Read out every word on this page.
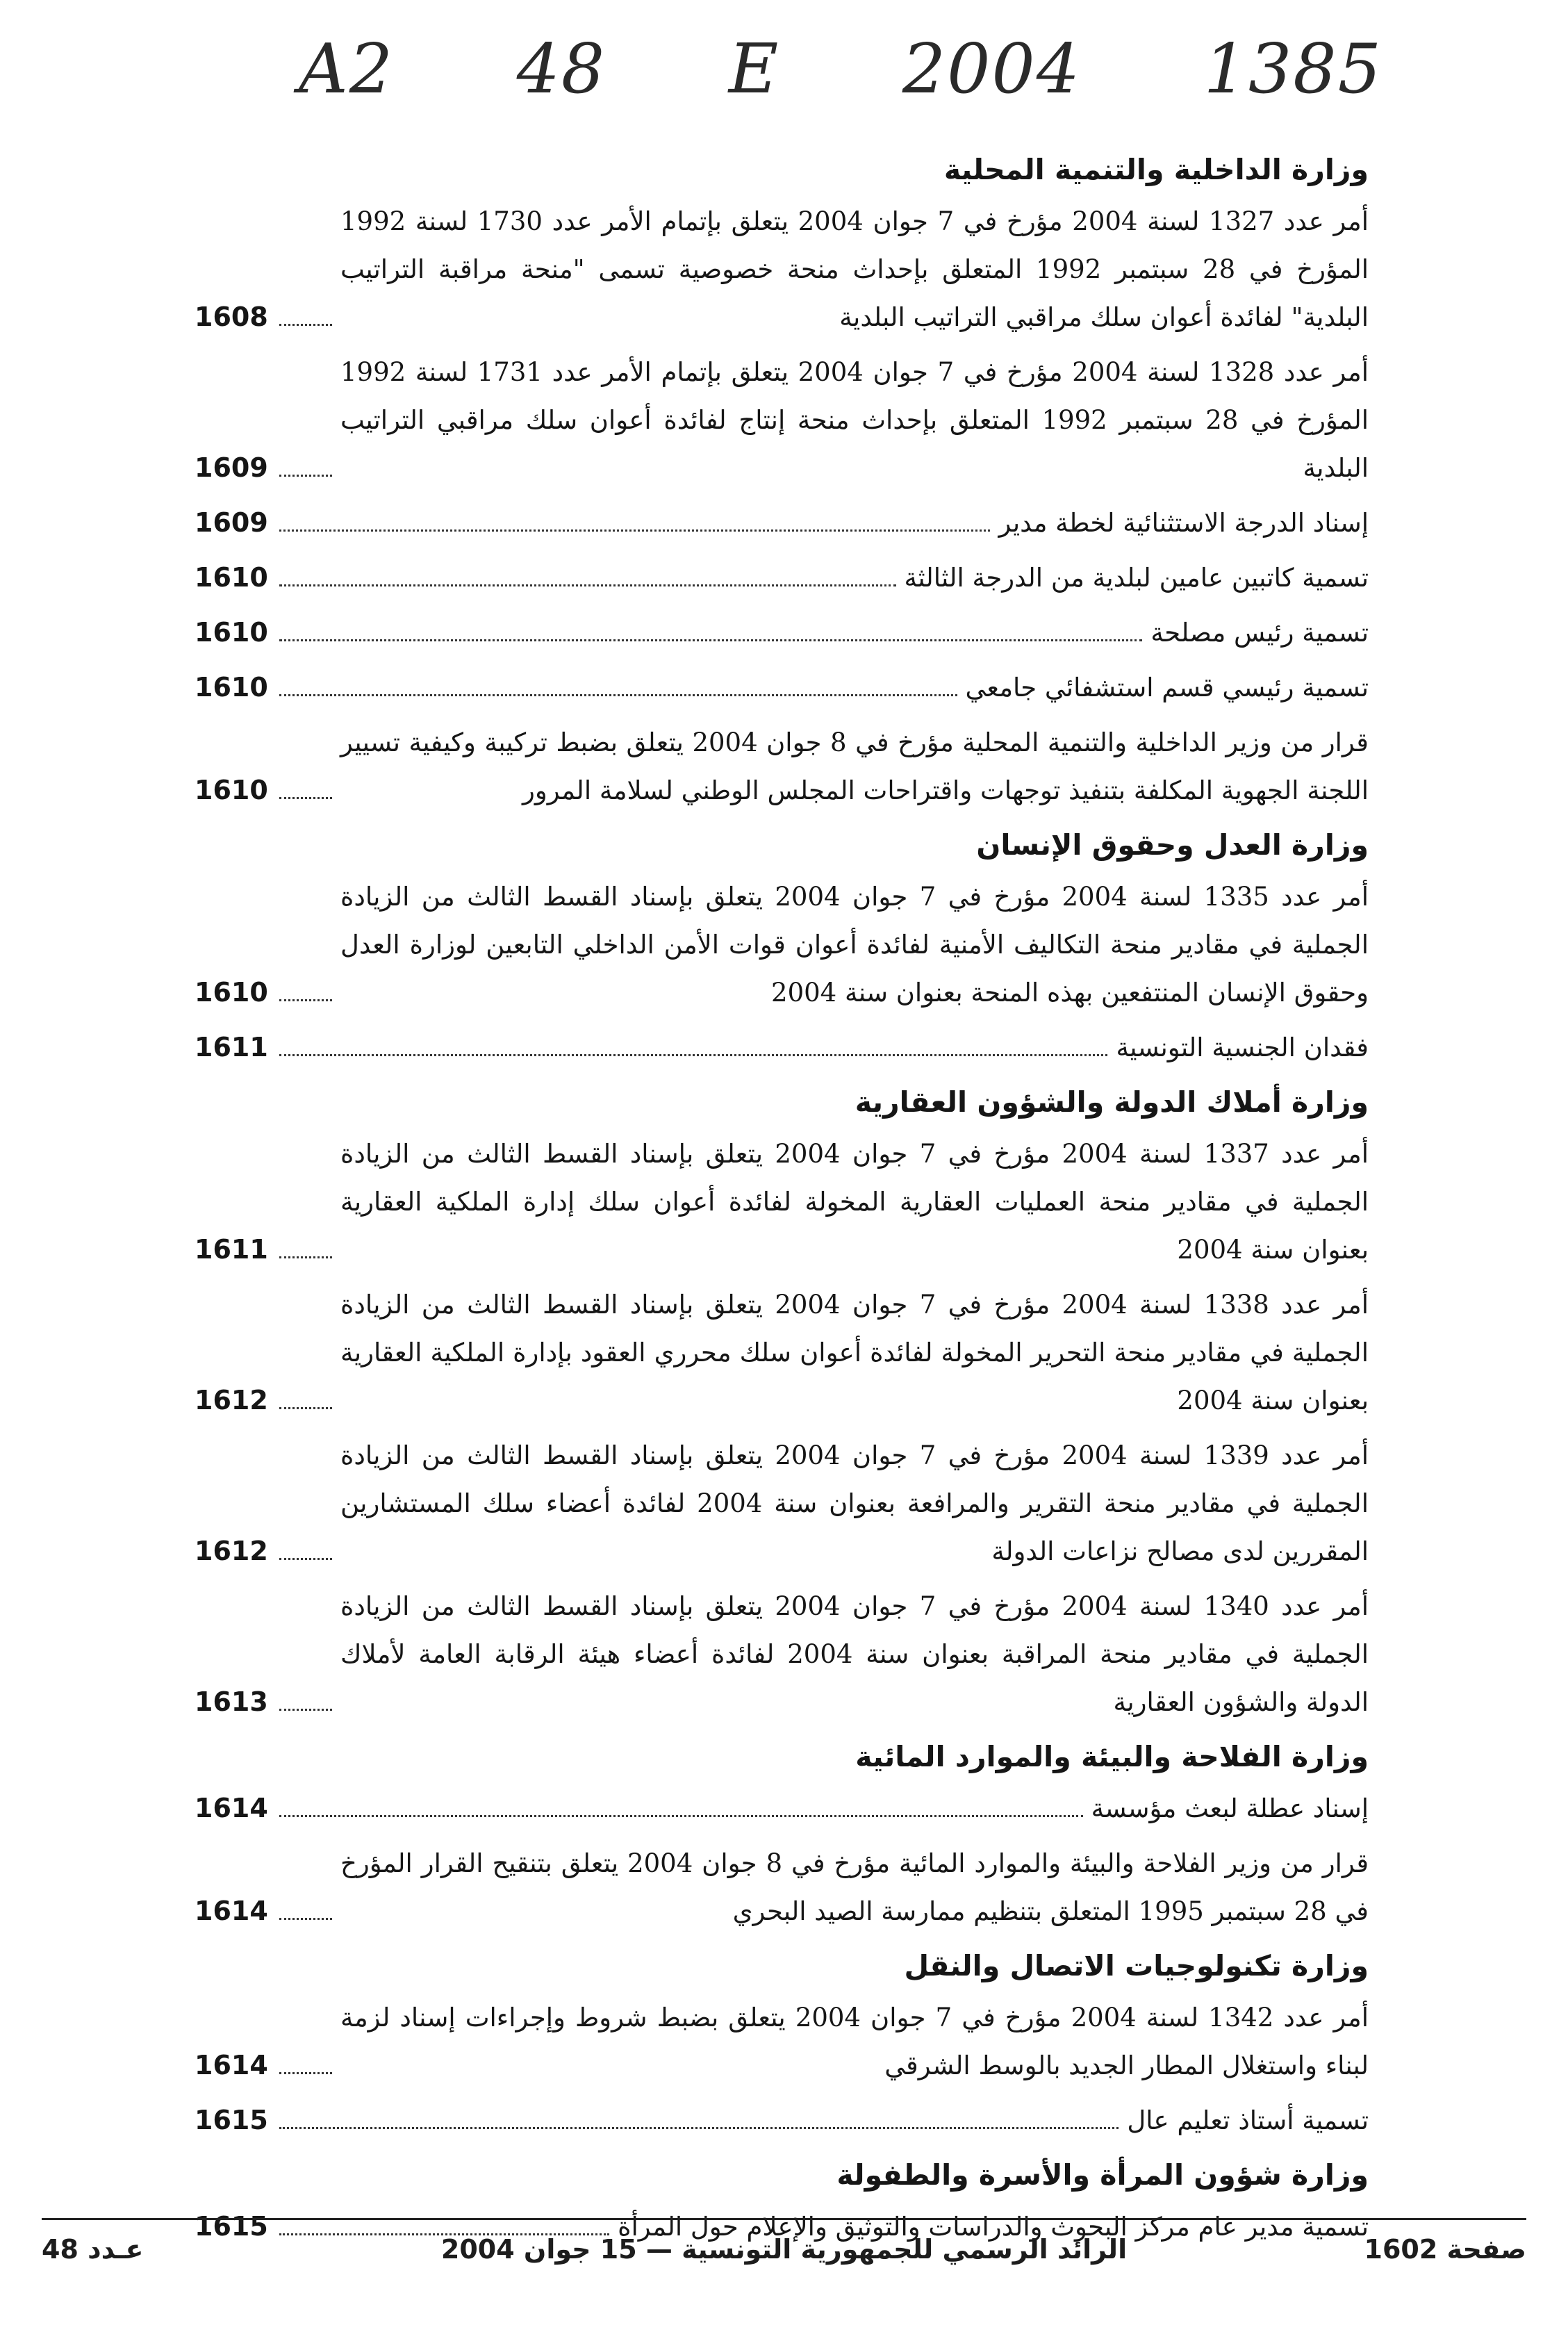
A2 48 E 2004 1385
وزارة الداخلية والتنمية المحلية
أمر عدد 1327 لسنة 2004 مؤرخ في 7 جوان 2004 يتعلق بإتمام الأمر عدد 1730 لسنة 1992 المؤرخ في 28 سبتمبر 1992 المتعلق بإحداث منحة خصوصية تسمى "منحة مراقبة التراتيب البلدية" لفائدة أعوان سلك مراقبي التراتيب البلدية
1608
أمر عدد 1328 لسنة 2004 مؤرخ في 7 جوان 2004 يتعلق بإتمام الأمر عدد 1731 لسنة 1992 المؤرخ في 28 سبتمبر 1992 المتعلق بإحداث منحة إنتاج لفائدة أعوان سلك مراقبي التراتيب البلدية
1609
إسناد الدرجة الاستثنائية لخطة مدير
1609
تسمية كاتبين عامين لبلدية من الدرجة الثالثة
1610
تسمية رئيس مصلحة
1610
تسمية رئيسي قسم استشفائي جامعي
1610
قرار من وزير الداخلية والتنمية المحلية مؤرخ في 8 جوان 2004 يتعلق بضبط تركيبة وكيفية تسيير اللجنة الجهوية المكلفة بتنفيذ توجهات واقتراحات المجلس الوطني لسلامة المرور
1610
وزارة العدل وحقوق الإنسان
أمر عدد 1335 لسنة 2004 مؤرخ في 7 جوان 2004 يتعلق بإسناد القسط الثالث من الزيادة الجملية في مقادير منحة التكاليف الأمنية لفائدة أعوان قوات الأمن الداخلي التابعين لوزارة العدل وحقوق الإنسان المنتفعين بهذه المنحة بعنوان سنة 2004
1610
فقدان الجنسية التونسية
1611
وزارة أملاك الدولة والشؤون العقارية
أمر عدد 1337 لسنة 2004 مؤرخ في 7 جوان 2004 يتعلق بإسناد القسط الثالث من الزيادة الجملية في مقادير منحة العمليات العقارية المخولة لفائدة أعوان سلك إدارة الملكية العقارية بعنوان سنة 2004
1611
أمر عدد 1338 لسنة 2004 مؤرخ في 7 جوان 2004 يتعلق بإسناد القسط الثالث من الزيادة الجملية في مقادير منحة التحرير المخولة لفائدة أعوان سلك محرري العقود بإدارة الملكية العقارية بعنوان سنة 2004
1612
أمر عدد 1339 لسنة 2004 مؤرخ في 7 جوان 2004 يتعلق بإسناد القسط الثالث من الزيادة الجملية في مقادير منحة التقرير والمرافعة بعنوان سنة 2004 لفائدة أعضاء سلك المستشارين المقررين لدى مصالح نزاعات الدولة
1612
أمر عدد 1340 لسنة 2004 مؤرخ في 7 جوان 2004 يتعلق بإسناد القسط الثالث من الزيادة الجملية في مقادير منحة المراقبة بعنوان سنة 2004 لفائدة أعضاء هيئة الرقابة العامة لأملاك الدولة والشؤون العقارية
1613
وزارة الفلاحة والبيئة والموارد المائية
إسناد عطلة لبعث مؤسسة
1614
قرار من وزير الفلاحة والبيئة والموارد المائية مؤرخ في 8 جوان 2004 يتعلق بتنقيح القرار المؤرخ في 28 سبتمبر 1995 المتعلق بتنظيم ممارسة الصيد البحري
1614
وزارة تكنولوجيات الاتصال والنقل
أمر عدد 1342 لسنة 2004 مؤرخ في 7 جوان 2004 يتعلق بضبط شروط وإجراءات إسناد لزمة لبناء واستغلال المطار الجديد بالوسط الشرقي
1614
تسمية أستاذ تعليم عال
1615
وزارة شؤون المرأة والأسرة والطفولة
تسمية مدير عام مركز البحوث والدراسات والتوثيق والإعلام حول المرأة
1615
عـدد 48	الرائد الرسمي للجمهورية التونسية — 15 جوان 2004	صفحة 1602
